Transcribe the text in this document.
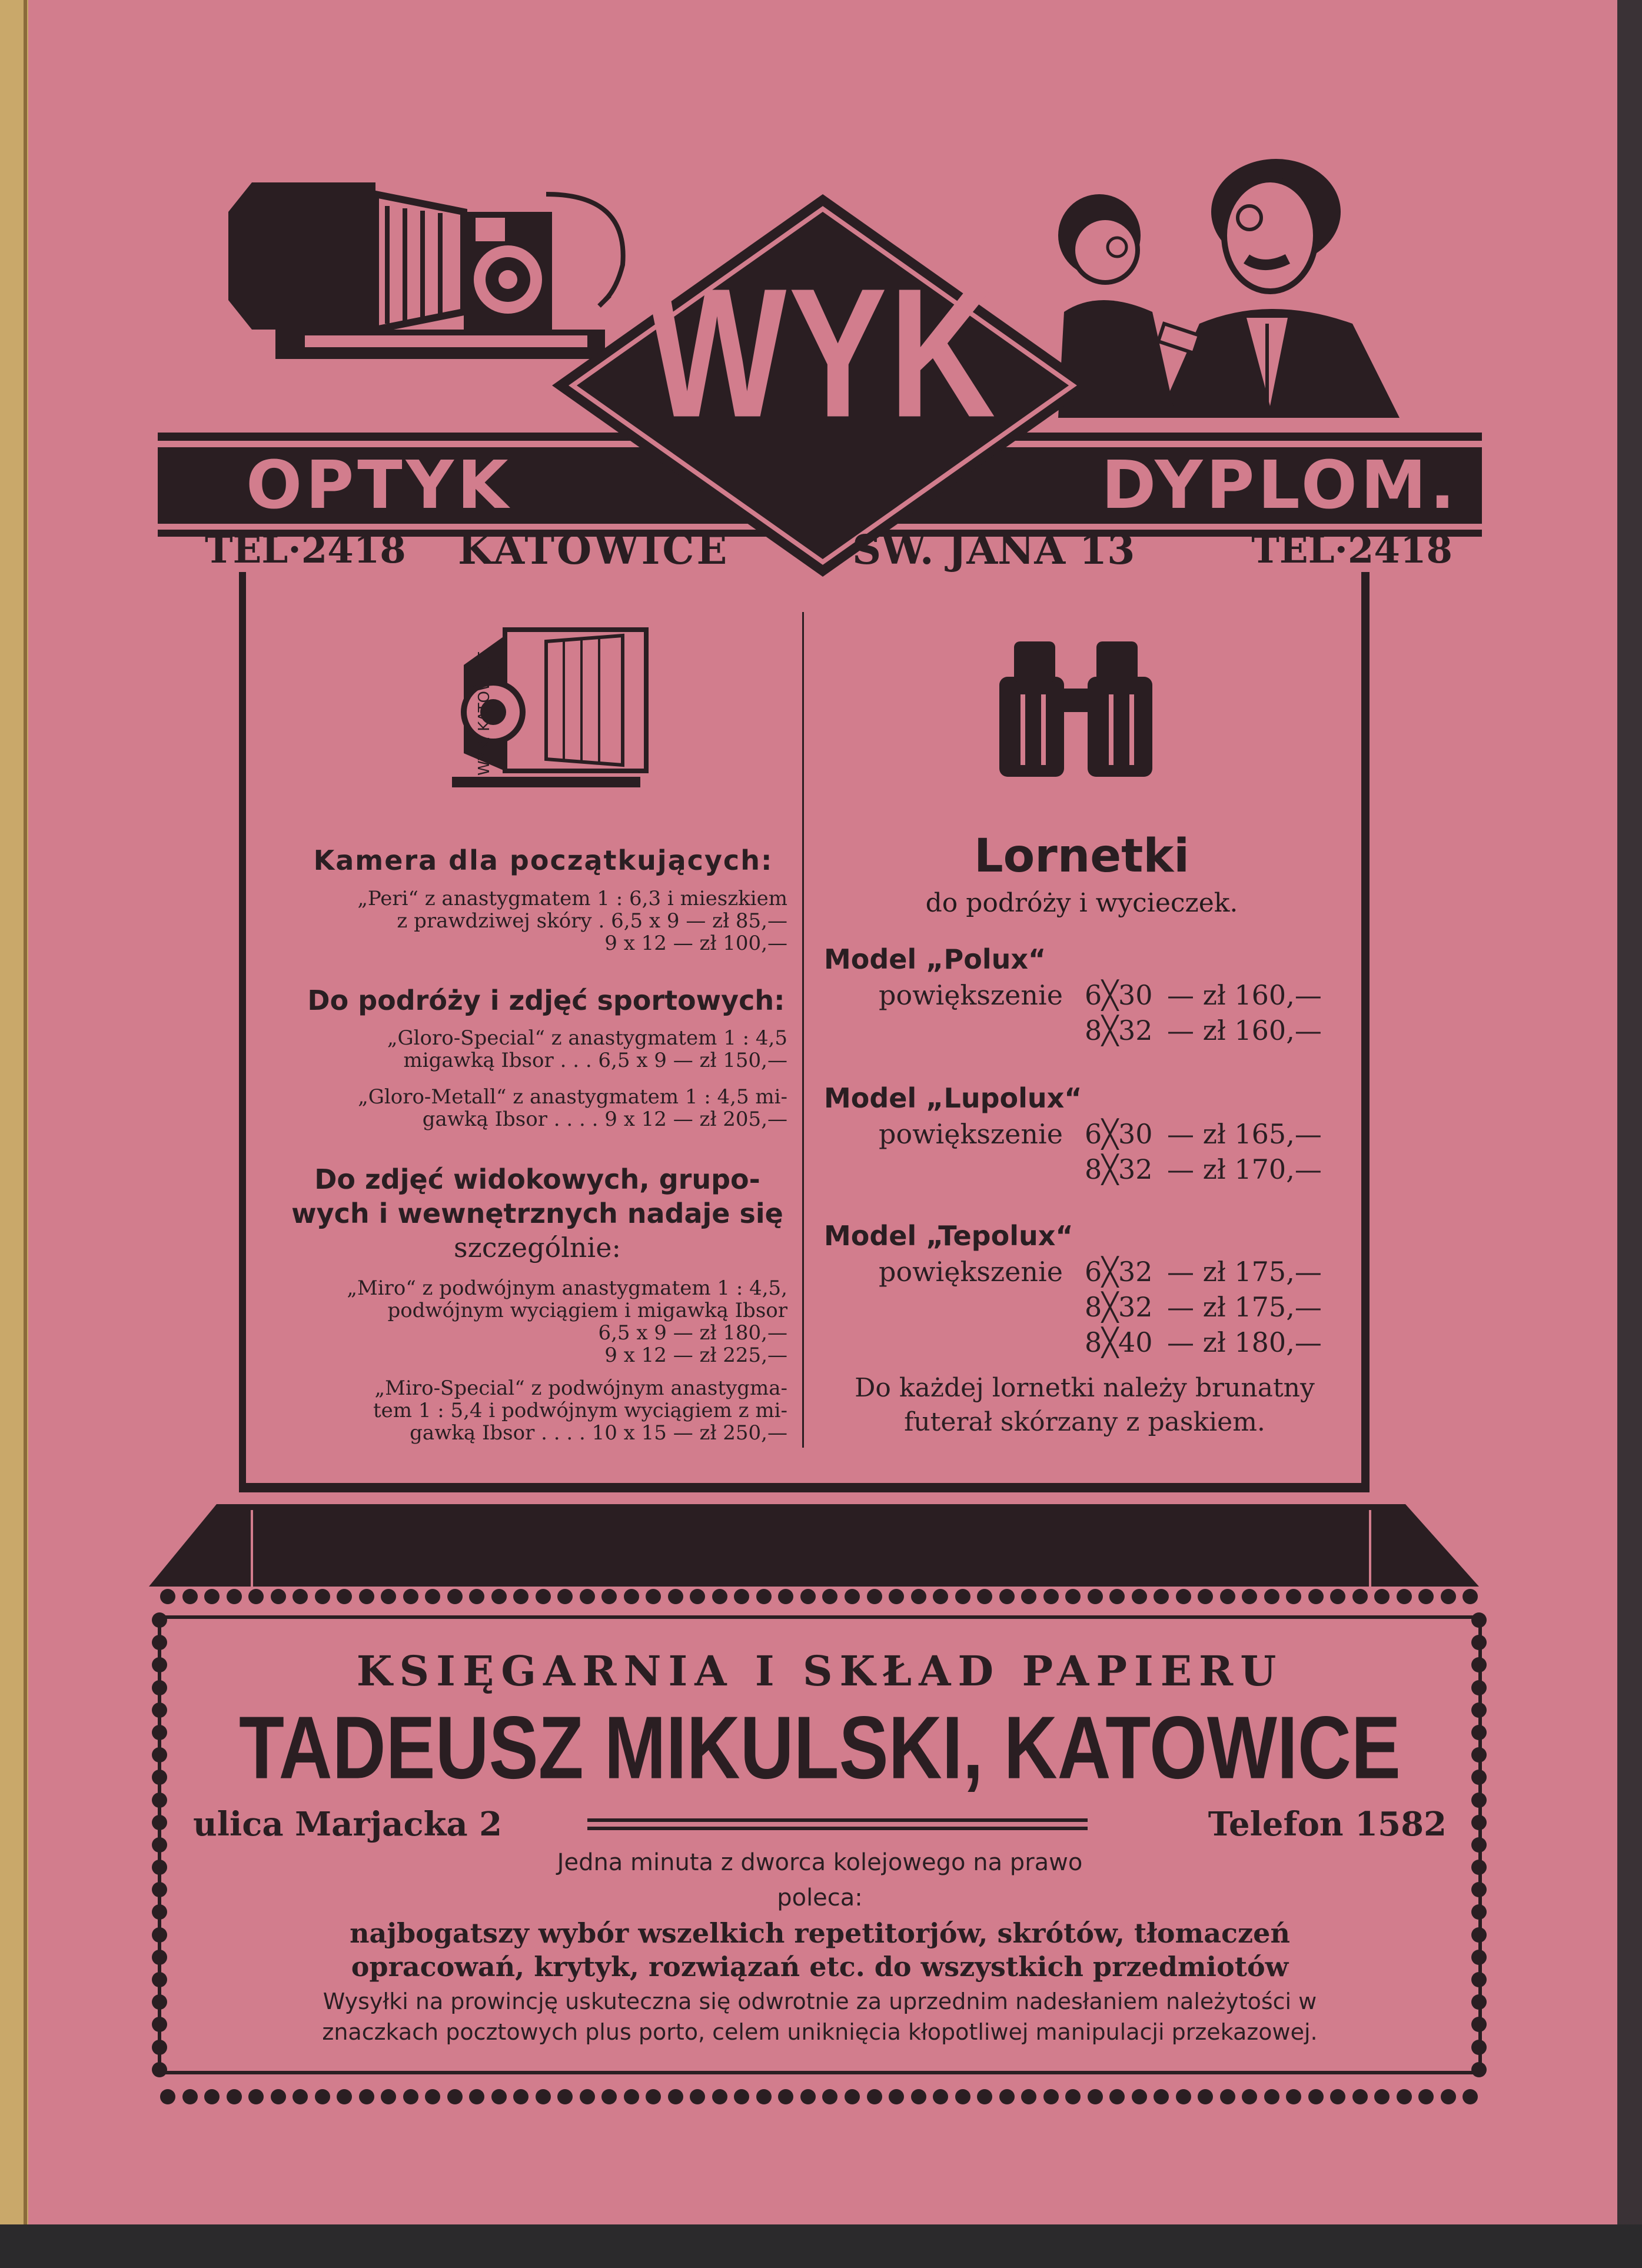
OPTYK	DYPLOM.
WYK
TEL·2418	KATOWICE	SW. JANA 13	TEL·2418
J.WYK. KATOWICE
Kamera dla początkujących:
„Peri“ z anastygmatem 1 : 6,3 i mieszkiem
z prawdziwej skóry . 6,5 x 9 — zł 85,—
9 x 12 — zł 100,—
Do podróży i zdjęć sportowych:
„Gloro-Special“ z anastygmatem 1 : 4,5
migawką Ibsor . . . 6,5 x 9 — zł 150,—
„Gloro-Metall“ z anastygmatem 1 : 4,5 mi-
gawką Ibsor . . . . 9 x 12 — zł 205,—
Do zdjęć widokowych, grupo-
wych i wewnętrznych nadaje się
szczególnie:
„Miro“ z podwójnym anastygmatem 1 : 4,5,
podwójnym wyciągiem i migawką Ibsor
6,5 x 9 — zł 180,—
9 x 12 — zł 225,—
„Miro-Special“ z podwójnym anastygma-
tem 1 : 5,4 i podwójnym wyciągiem z mi-
gawką Ibsor . . . . 10 x 15 — zł 250,—
Lornetki
do podróży i wycieczek.
Model „Polux“
powiększenie 6╳30 — zł 160,—
8╳32 — zł 160,—
Model „Lupolux“
powiększenie 6╳30 — zł 165,—
8╳32 — zł 170,—
Model „Tepolux“
powiększenie 6╳32 — zł 175,—
8╳32 — zł 175,—
8╳40 — zł 180,—
Do każdej lornetki należy brunatny
futerał skórzany z paskiem.
KSIĘGARNIA I SKŁAD PAPIERU
TADEUSZ MIKULSKI, KATOWICE
ulica Marjacka 2	Telefon 1582
Jedna minuta z dworca kolejowego na prawo
poleca:
najbogatszy wybór wszelkich repetitorjów, skrótów, tłomaczeń
opracowań, krytyk, rozwiązań etc. do wszystkich przedmiotów
Wysyłki na prowincję uskuteczna się odwrotnie za uprzednim nadesłaniem należytości w
znaczkach pocztowych plus porto, celem uniknięcia kłopotliwej manipulacji przekazowej.
